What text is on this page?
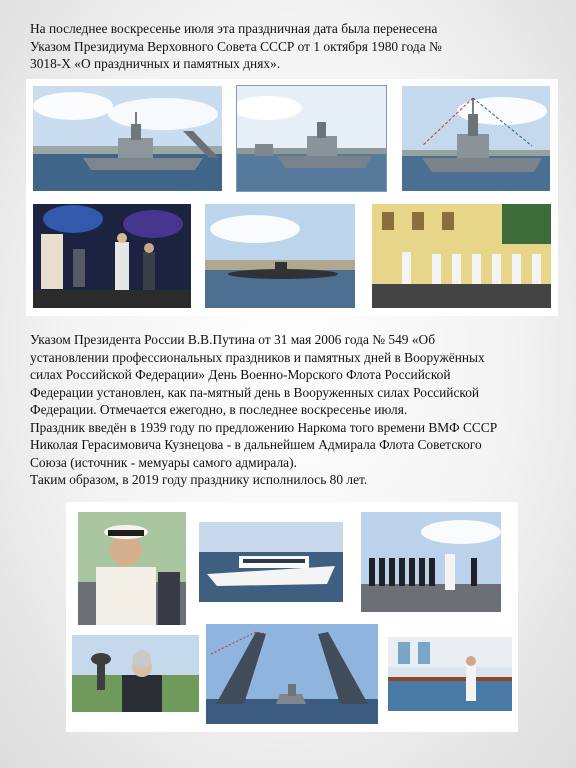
На последнее воскресенье июля эта праздничная дата была перенесена
Указом Президиума Верховного Совета СССР от 1 октября 1980 года №
3018-X «О праздничных и памятных днях».

Указом Президента России В.В.Путина от 31 мая 2006 года № 549 «Об
установлении профессиональных праздников и памятных дней в Вооружённых
силах Российской Федерации» День Военно-Морского Флота Российской
Федерации установлен, как па-мятный день в Вооруженных силах Российской
Федерации. Отмечается ежегодно, в последнее воскресенье июля.
Праздник введён в 1939 году по предложению Наркома того времени ВМФ СССР
Николая Герасимовича Кузнецова - в дальнейшем Адмирала Флота Советского
Союза (источник - мемуары самого адмирала).
Таким образом, в 2019 году празднику исполнилось 80 лет.
